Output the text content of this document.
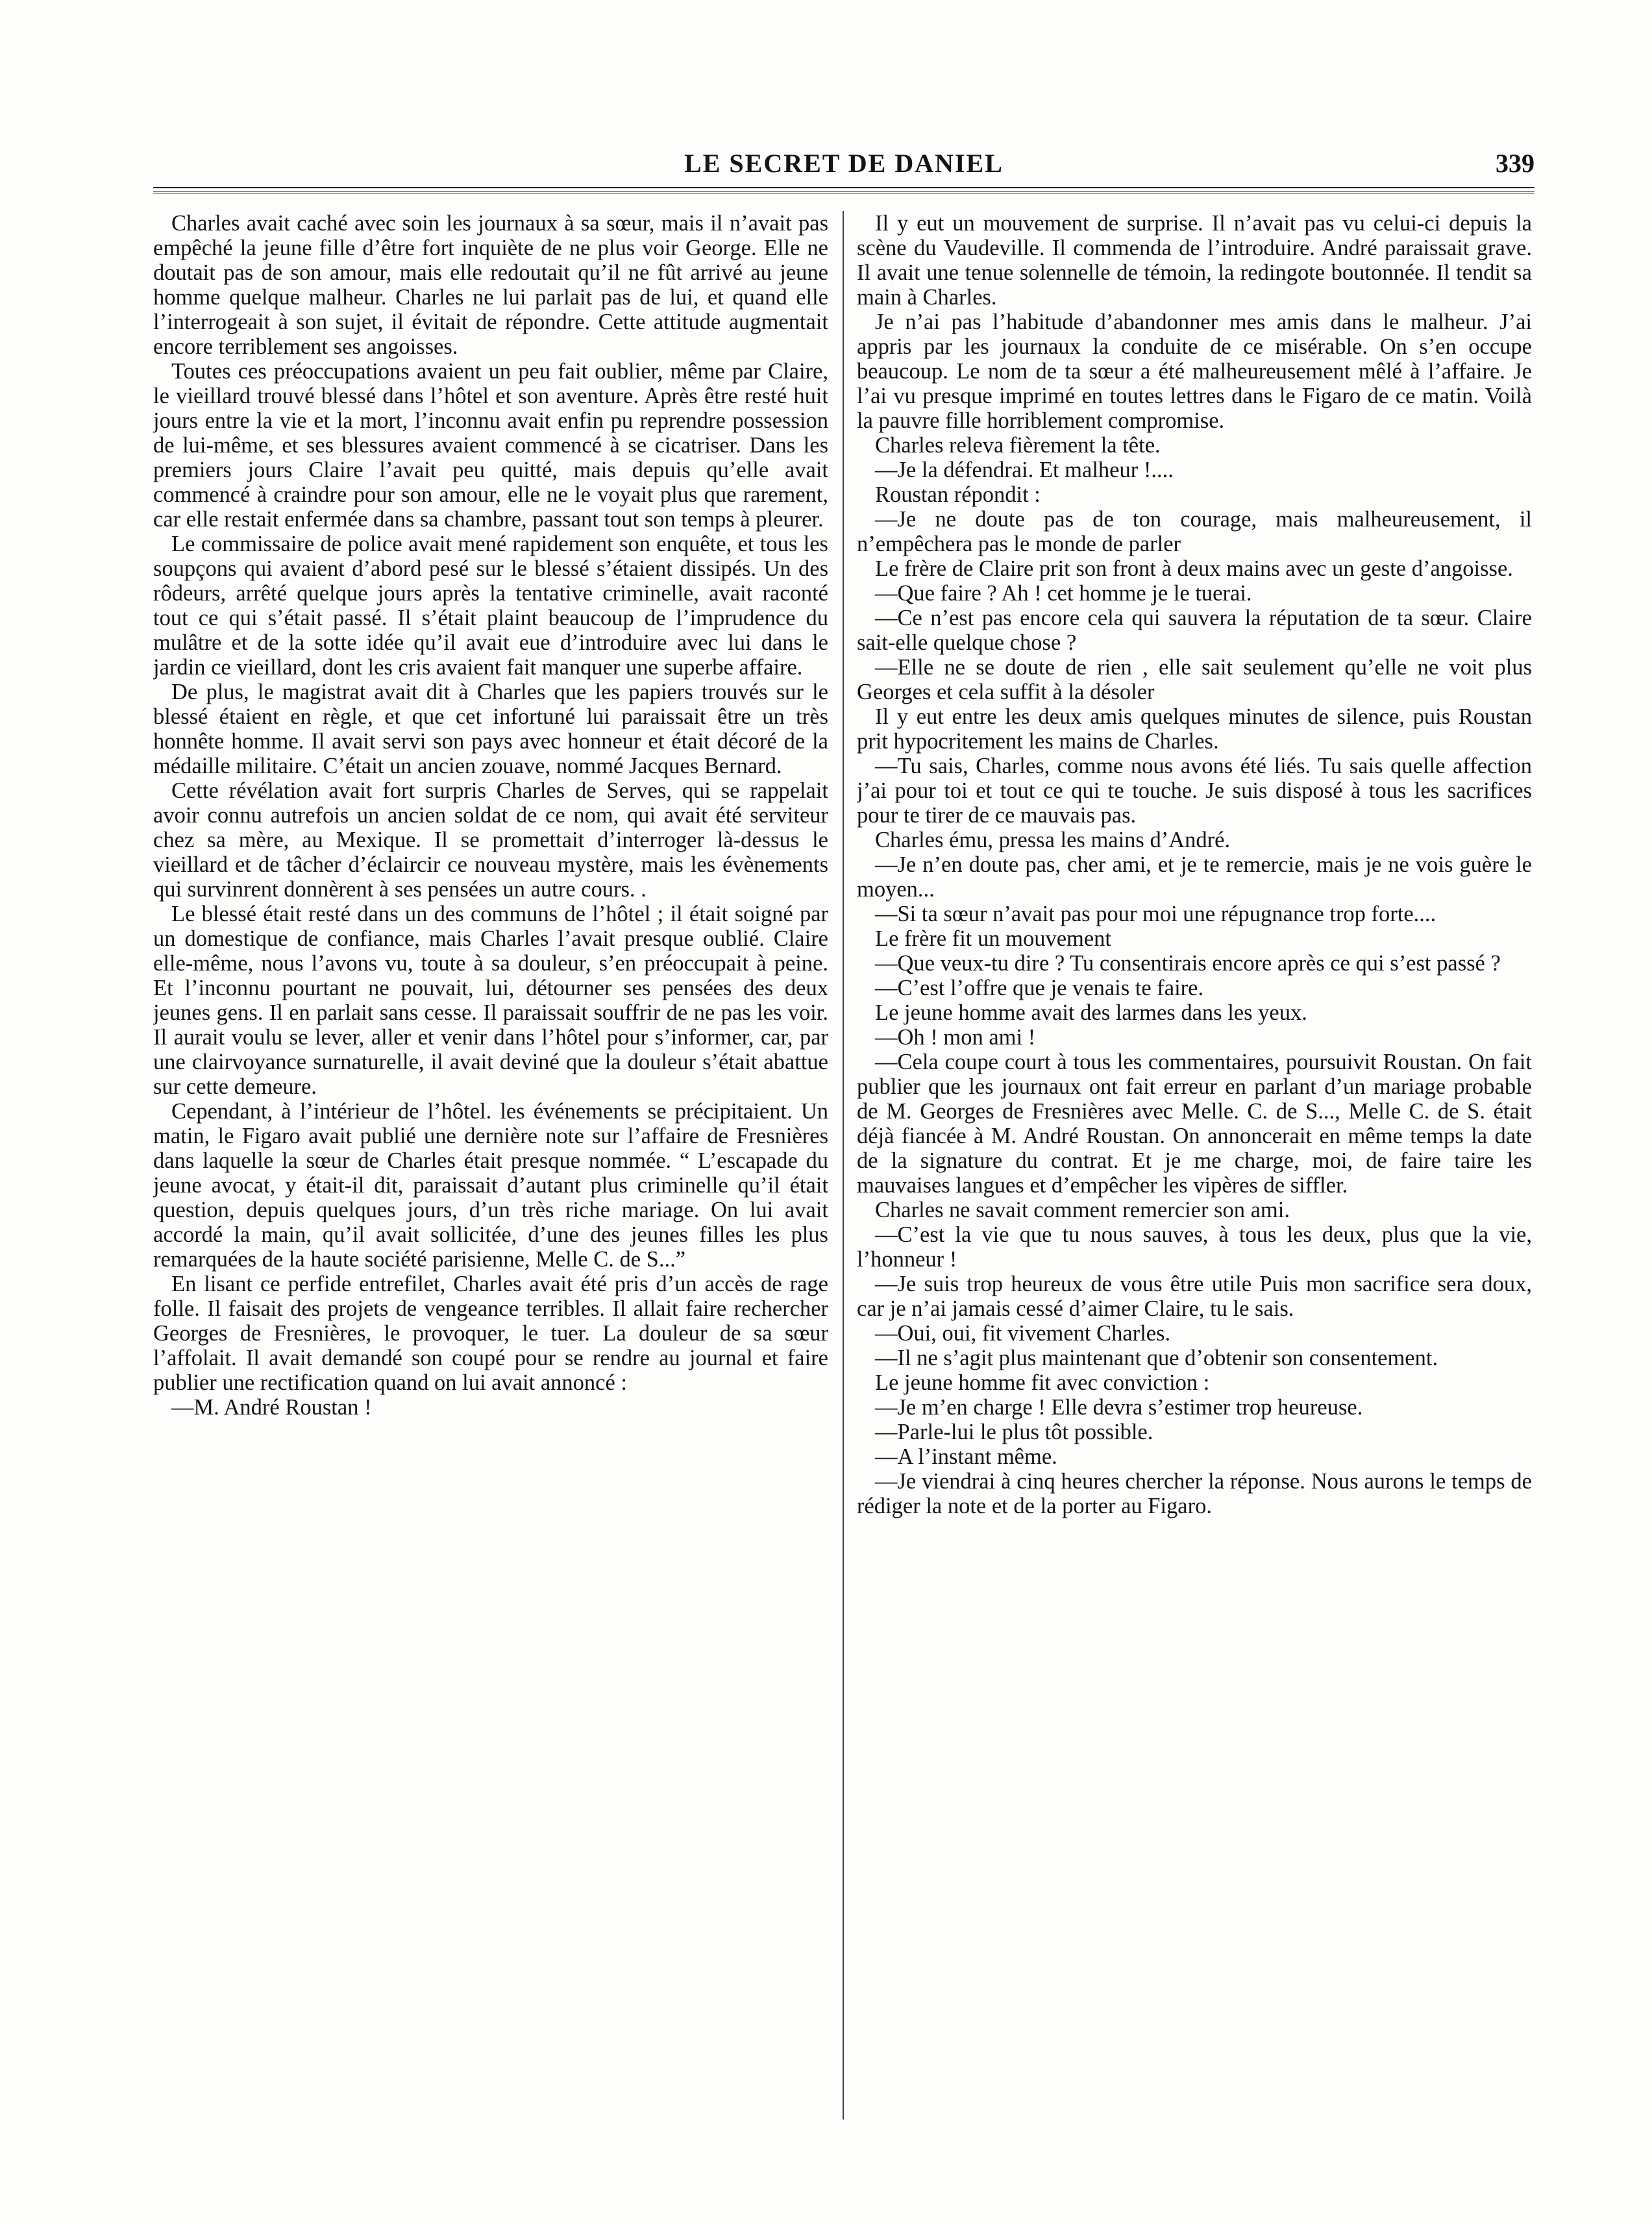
LE SECRET DE DANIEL	339

Charles avait caché avec soin les journaux à sa sœur, mais il n’avait pas empêché la jeune fille d’être fort inquiète de ne plus voir George. Elle ne doutait pas de son amour, mais elle redoutait qu’il ne fût arrivé au jeune homme quelque malheur. Charles ne lui parlait pas de lui, et quand elle l’interrogeait à son sujet, il évitait de répondre. Cette attitude augmentait encore terriblement ses angoisses.

Toutes ces préoccupations avaient un peu fait oublier, même par Claire, le vieillard trouvé blessé dans l’hôtel et son aventure. Après être resté huit jours entre la vie et la mort, l’inconnu avait enfin pu reprendre possession de lui-même, et ses blessures avaient commencé à se cicatriser. Dans les premiers jours Claire l’avait peu quitté, mais depuis qu’elle avait commencé à craindre pour son amour, elle ne le voyait plus que rarement, car elle restait enfermée dans sa chambre, passant tout son temps à pleurer.

Le commissaire de police avait mené rapidement son enquête, et tous les soupçons qui avaient d’abord pesé sur le blessé s’étaient dissipés. Un des rôdeurs, arrêté quelque jours après la tentative criminelle, avait raconté tout ce qui s’était passé. Il s’était plaint beaucoup de l’imprudence du mulâtre et de la sotte idée qu’il avait eue d’introduire avec lui dans le jardin ce vieillard, dont les cris avaient fait manquer une superbe affaire.

De plus, le magistrat avait dit à Charles que les papiers trouvés sur le blessé étaient en règle, et que cet infortuné lui paraissait être un très honnête homme. Il avait servi son pays avec honneur et était décoré de la médaille militaire. C’était un ancien zouave, nommé Jacques Bernard.

Cette révélation avait fort surpris Charles de Serves, qui se rappelait avoir connu autrefois un ancien soldat de ce nom, qui avait été serviteur chez sa mère, au Mexique. Il se promettait d’interroger là-dessus le vieillard et de tâcher d’éclaircir ce nouveau mystère, mais les évènements qui survinrent donnèrent à ses pensées un autre cours. .

Le blessé était resté dans un des communs de l’hôtel ; il était soigné par un domestique de confiance, mais Charles l’avait presque oublié. Claire elle-même, nous l’avons vu, toute à sa douleur, s’en préoccupait à peine. Et l’inconnu pourtant ne pouvait, lui, détourner ses pensées des deux jeunes gens. Il en parlait sans cesse. Il paraissait souffrir de ne pas les voir. Il aurait voulu se lever, aller et venir dans l’hôtel pour s’informer, car, par une clairvoyance surnaturelle, il avait deviné que la douleur s’était abattue sur cette demeure.

Cependant, à l’intérieur de l’hôtel. les événements se précipitaient. Un matin, le Figaro avait publié une dernière note sur l’affaire de Fresnières dans laquelle la sœur de Charles était presque nommée. “ L’escapade du jeune avocat, y était-il dit, paraissait d’autant plus criminelle qu’il était question, depuis quelques jours, d’un très riche mariage. On lui avait accordé la main, qu’il avait sollicitée, d’une des jeunes filles les plus remarquées de la haute société parisienne, Melle C. de S...”

En lisant ce perfide entrefilet, Charles avait été pris d’un accès de rage folle. Il faisait des projets de vengeance terribles. Il allait faire rechercher Georges de Fresnières, le provoquer, le tuer. La douleur de sa sœur l’affolait. Il avait demandé son coupé pour se rendre au journal et faire publier une rectification quand on lui avait annoncé :

—M. André Roustan !

Il y eut un mouvement de surprise. Il n’avait pas vu celui-ci depuis la scène du Vaudeville. Il commenda de l’introduire. André paraissait grave. Il avait une tenue solennelle de témoin, la redingote boutonnée. Il tendit sa main à Charles.

Je n’ai pas l’habitude d’abandonner mes amis dans le malheur. J’ai appris par les journaux la conduite de ce misérable. On s’en occupe beaucoup. Le nom de ta sœur a été malheureusement mêlé à l’affaire. Je l’ai vu presque imprimé en toutes lettres dans le Figaro de ce matin. Voilà la pauvre fille horriblement compromise.

Charles releva fièrement la tête.

—Je la défendrai. Et malheur !....

Roustan répondit :

—Je ne doute pas de ton courage, mais malheureusement, il n’empêchera pas le monde de parler

Le frère de Claire prit son front à deux mains avec un geste d’angoisse.

—Que faire ? Ah ! cet homme je le tuerai.

—Ce n’est pas encore cela qui sauvera la réputation de ta sœur. Claire sait-elle quelque chose ?

—Elle ne se doute de rien , elle sait seulement qu’elle ne voit plus Georges et cela suffit à la désoler

Il y eut entre les deux amis quelques minutes de silence, puis Roustan prit hypocritement les mains de Charles.

—Tu sais, Charles, comme nous avons été liés. Tu sais quelle affection j’ai pour toi et tout ce qui te touche. Je suis disposé à tous les sacrifices pour te tirer de ce mauvais pas.

Charles ému, pressa les mains d’André.

—Je n’en doute pas, cher ami, et je te remercie, mais je ne vois guère le moyen...

—Si ta sœur n’avait pas pour moi une répugnance trop forte....

Le frère fit un mouvement

—Que veux-tu dire ? Tu consentirais encore après ce qui s’est passé ?

—C’est l’offre que je venais te faire.

Le jeune homme avait des larmes dans les yeux.

—Oh ! mon ami !

—Cela coupe court à tous les commentaires, poursuivit Roustan. On fait publier que les journaux ont fait erreur en parlant d’un mariage probable de M. Georges de Fresnières avec Melle. C. de S..., Melle C. de S. était déjà fiancée à M. André Roustan. On annoncerait en même temps la date de la signature du contrat. Et je me charge, moi, de faire taire les mauvaises langues et d’empêcher les vipères de siffler.

Charles ne savait comment remercier son ami.

—C’est la vie que tu nous sauves, à tous les deux, plus que la vie, l’honneur !

—Je suis trop heureux de vous être utile Puis mon sacrifice sera doux, car je n’ai jamais cessé d’aimer Claire, tu le sais.

—Oui, oui, fit vivement Charles.

—Il ne s’agit plus maintenant que d’obtenir son consentement.

Le jeune homme fit avec conviction :

—Je m’en charge ! Elle devra s’estimer trop heureuse.

—Parle-lui le plus tôt possible.

—A l’instant même.

—Je viendrai à cinq heures chercher la réponse. Nous aurons le temps de rédiger la note et de la porter au Figaro.
